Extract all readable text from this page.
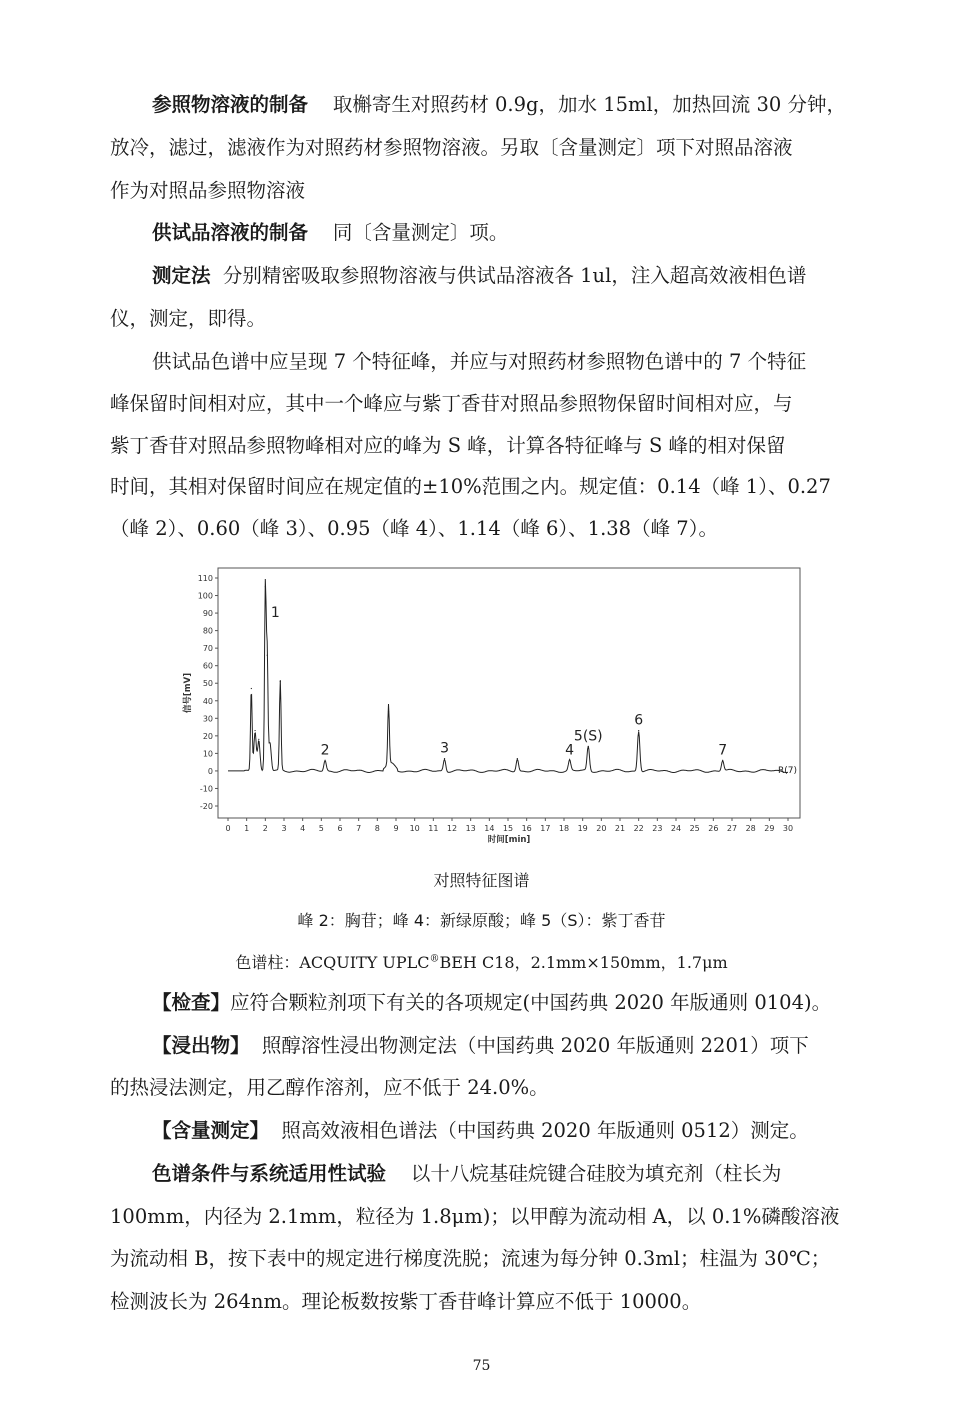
参照物溶液的制备 取槲寄生对照药材 0.9g，加水 15ml，加热回流 30 分钟，
放冷，滤过，滤液作为对照药材参照物溶液。另取〔含量测定〕项下对照品溶液
作为对照品参照物溶液
供试品溶液的制备 同〔含量测定〕项。
测定法 分别精密吸取参照物溶液与供试品溶液各 1ul，注入超高效液相色谱
仪，测定，即得。
供试品色谱中应呈现 7 个特征峰，并应与对照药材参照物色谱中的 7 个特征
峰保留时间相对应，其中一个峰应与紫丁香苷对照品参照物保留时间相对应，与
紫丁香苷对照品参照物峰相对应的峰为 S 峰，计算各特征峰与 S 峰的相对保留
时间，其相对保留时间应在规定值的±10%范围之内。规定值：0.14（峰 1）、0.27
（峰 2）、0.60（峰 3）、0.95（峰 4）、1.14（峰 6）、1.38（峰 7）。
-20
-10
0
10
20
30
40
50
60
70
80
90
100
110
0 1 2 3 4 5 6 7 8 9 10 11 12 13 14 15 16 17 18 19 20 21 22 23 24 25 26 27 28 29 30
时间[min]
信号[mV]
1
2	3	4
5(S)
6
7
R(7)
对照特征图谱
峰 2：胸苷；峰 4：新绿原酸；峰 5（S）：紫丁香苷
色谱柱：ACQUITY UPLC®BEH C18，2.1mm×150mm，1.7μm
【检查】应符合颗粒剂项下有关的各项规定(中国药典 2020 年版通则 0104)。
【浸出物】 照醇溶性浸出物测定法（中国药典 2020 年版通则 2201）项下
的热浸法测定，用乙醇作溶剂，应不低于 24.0%。
【含量测定】 照高效液相色谱法（中国药典 2020 年版通则 0512）测定。
色谱条件与系统适用性试验 以十八烷基硅烷键合硅胶为填充剂（柱长为
100mm，内径为 2.1mm，粒径为 1.8μm)；以甲醇为流动相 A，以 0.1%磷酸溶液
为流动相 B，按下表中的规定进行梯度洗脱；流速为每分钟 0.3ml；柱温为 30℃；
检测波长为 264nm。理论板数按紫丁香苷峰计算应不低于 10000。
75
